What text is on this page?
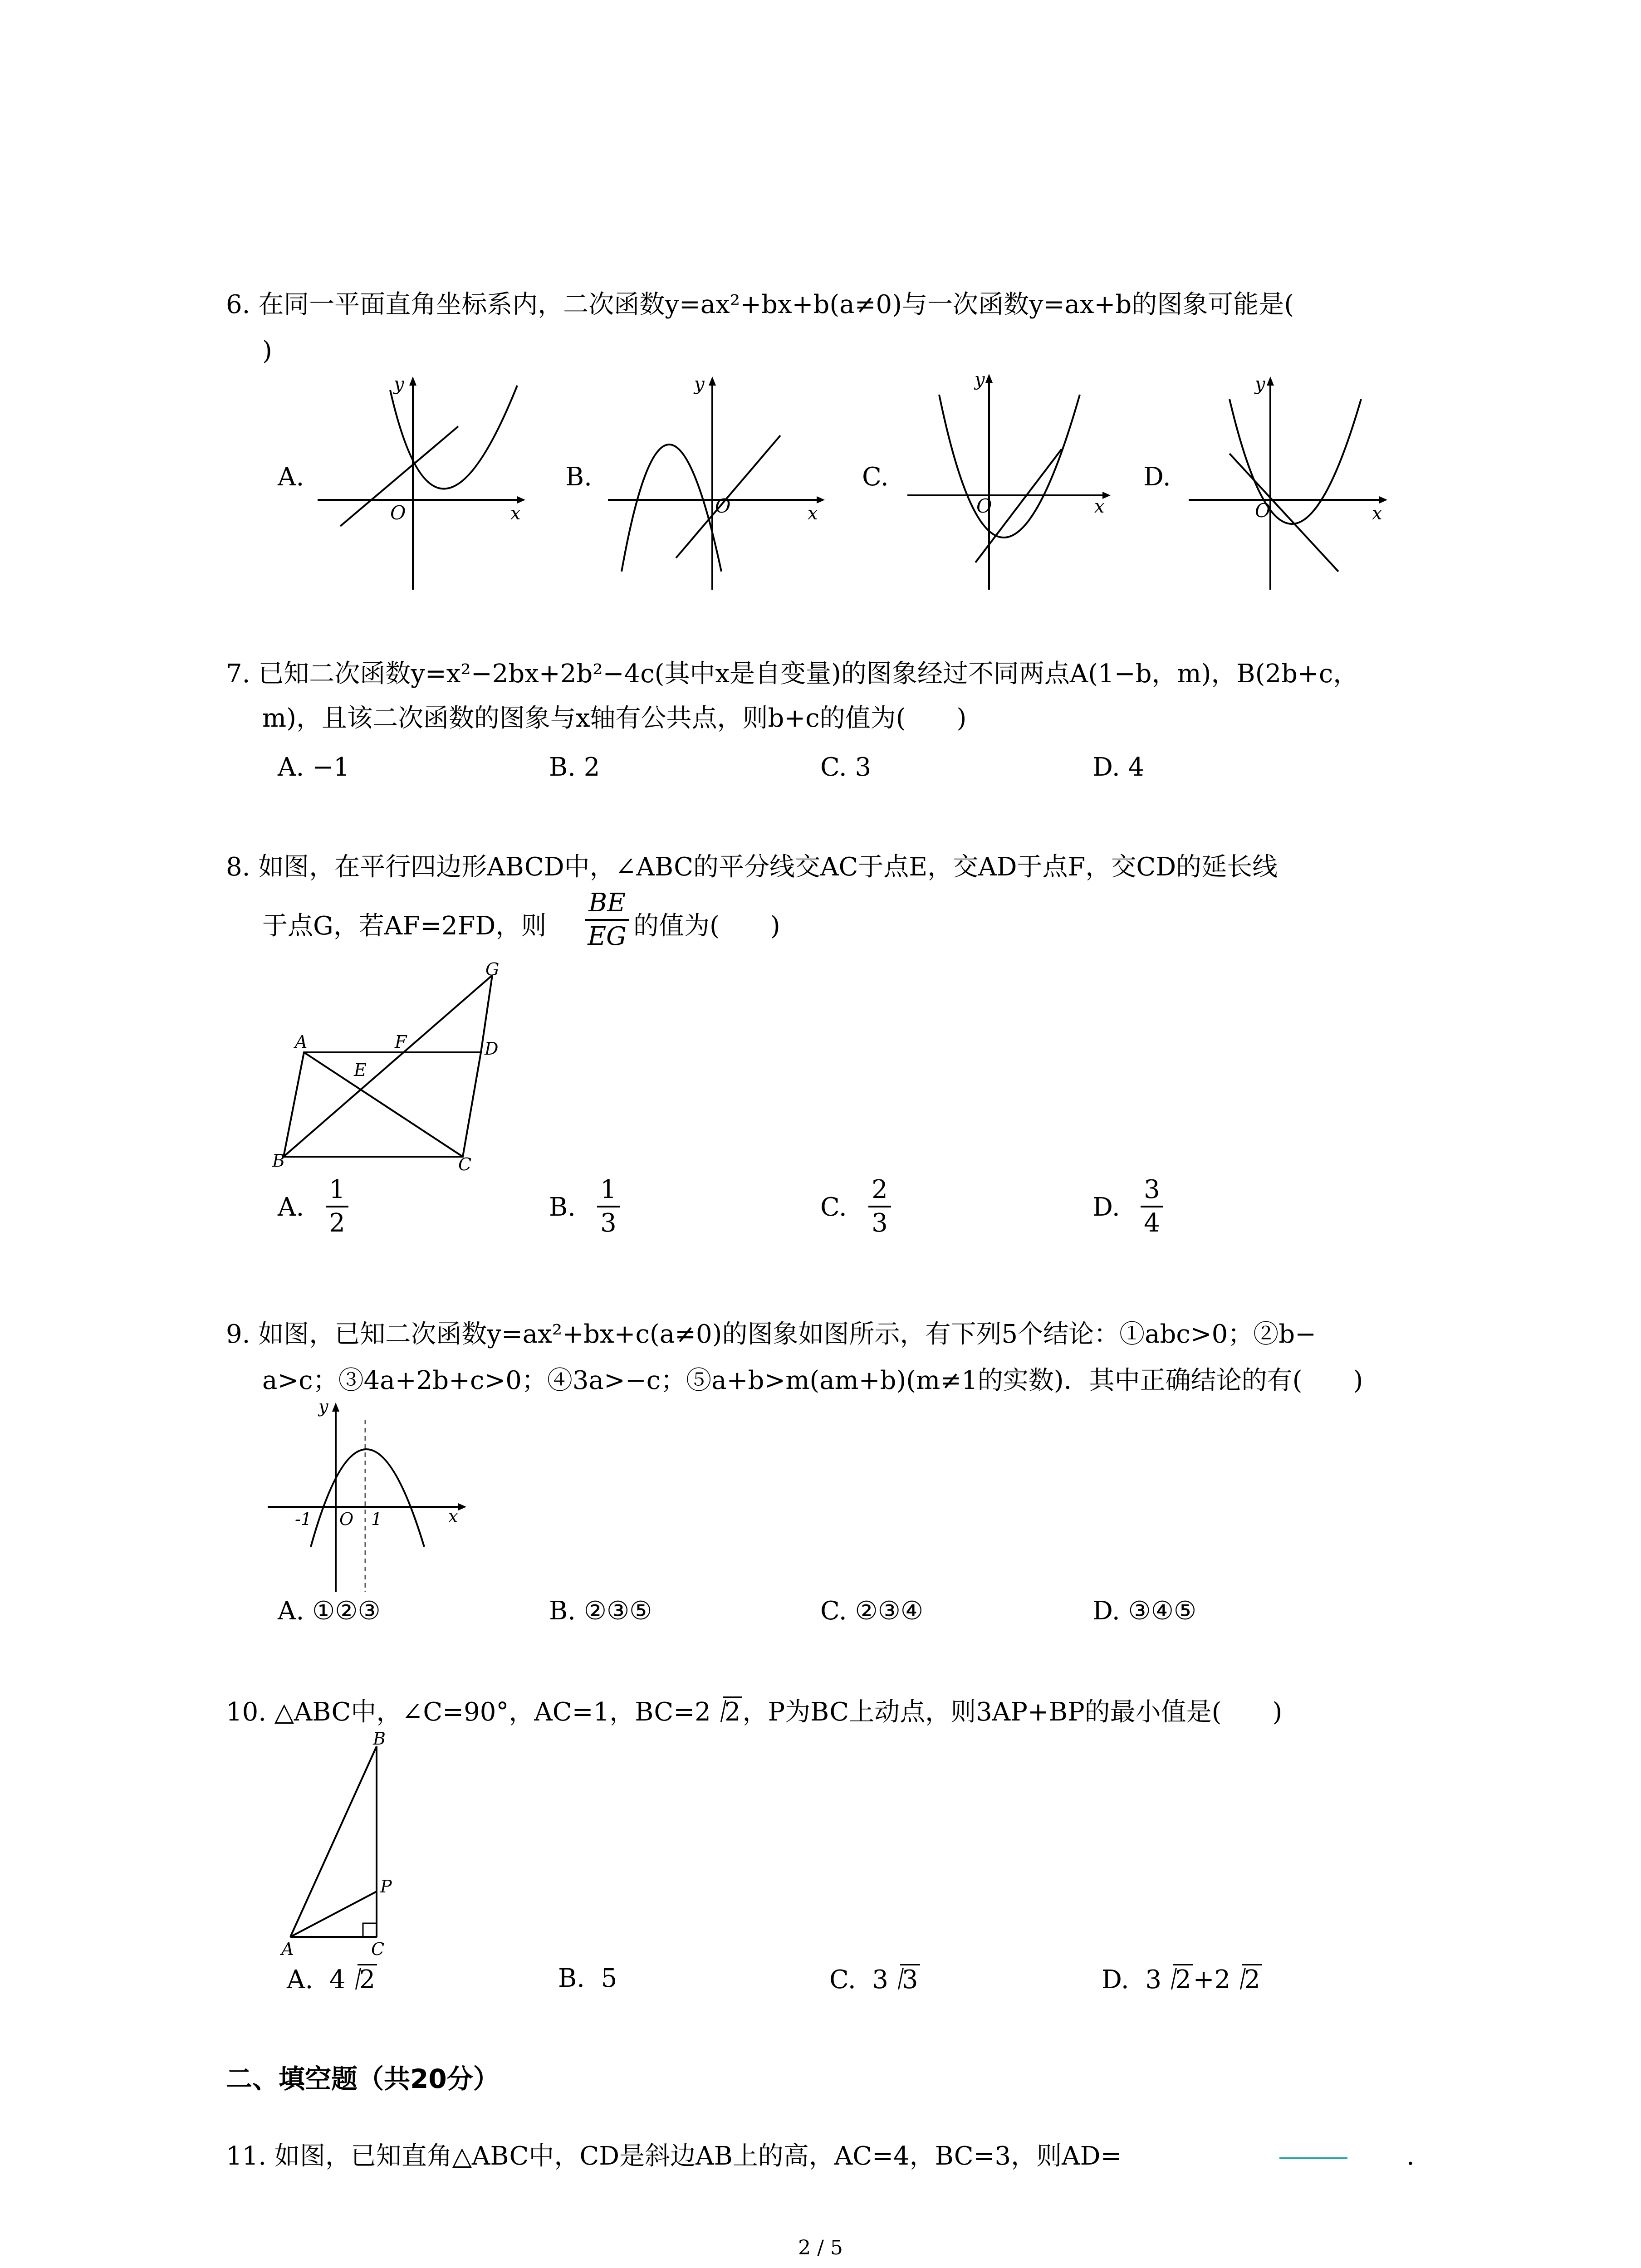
6. 在同一平面直角坐标系内，二次函数y=ax²+bx+b(a≠0)与一次函数y=ax+b的图象可能是(
)
A.	B.	C.	D.
y
x
O
y
x
O
y
x
O
y
x
O
7. 已知二次函数y=x²−2bx+2b²−4c(其中x是自变量)的图象经过不同两点A(1−b，m)，B(2b+c，
m)，且该二次函数的图象与x轴有公共点，则b+c的值为(　　)
A. −1	B. 2	C. 3	D. 4
8. 如图，在平行四边形ABCD中，∠ABC的平分线交AC于点E，交AD于点F，交CD的延长线
于点G，若AF=2FD，则
BE
EG 的值为(　　)
A	F	D
G
E
B	C
A.
1
2
B.
1
3
C.
2
3
D.
3
4
9. 如图，已知二次函数y=ax²+bx+c(a≠0)的图象如图所示，有下列5个结论：①abc>0；②b−
a>c；③4a+2b+c>0；④3a>−c；⑤a+b>m(am+b)(m≠1的实数)．其中正确结论的有(　　)
y
x
-1 O 1
A. ①②③	B. ②③⑤	C. ②③④	D. ③④⑤
10. △ABC中，∠C=90°，AC=1，BC=2 2，P为BC上动点，则3AP+BP的最小值是(　　)
B
P
A	C
A. 4 2	B. 5	C. 3 3	D. 3 2+2 2
二、填空题（共20分）
11. 如图，已知直角△ABC中，CD是斜边AB上的高，AC=4，BC=3，则AD=	.
2 / 5
